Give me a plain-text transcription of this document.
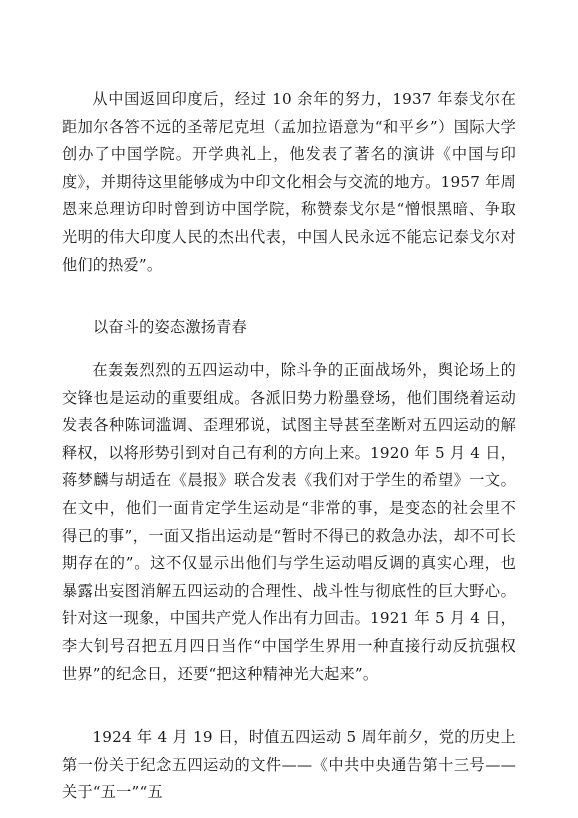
从中国返回印度后，经过 10 余年的努力，1937 年泰戈尔在距加尔各答不远的圣蒂尼克坦（孟加拉语意为“和平乡”）国际大学创办了中国学院。开学典礼上，他发表了著名的演讲《中国与印度》，并期待这里能够成为中印文化相会与交流的地方。1957 年周恩来总理访印时曾到访中国学院，称赞泰戈尔是“憎恨黑暗、争取光明的伟大印度人民的杰出代表，中国人民永远不能忘记泰戈尔对他们的热爱”。

以奋斗的姿态激扬青春

在轰轰烈烈的五四运动中，除斗争的正面战场外，舆论场上的交锋也是运动的重要组成。各派旧势力粉墨登场，他们围绕着运动发表各种陈词滥调、歪理邪说，试图主导甚至垄断对五四运动的解释权，以将形势引到对自己有利的方向上来。1920 年 5 月 4 日，蒋梦麟与胡适在《晨报》联合发表《我们对于学生的希望》一文。在文中，他们一面肯定学生运动是“非常的事，是变态的社会里不得已的事”，一面又指出运动是“暂时不得已的救急办法，却不可长期存在的”。这不仅显示出他们与学生运动唱反调的真实心理，也暴露出妄图消解五四运动的合理性、战斗性与彻底性的巨大野心。针对这一现象，中国共产党人作出有力回击。1921 年 5 月 4 日，李大钊号召把五月四日当作“中国学生界用一种直接行动反抗强权世界”的纪念日，还要“把这种精神光大起来”。

1924 年 4 月 19 日，时值五四运动 5 周年前夕，党的历史上第一份关于纪念五四运动的文件——《中共中央通告第十三号——关于“五一”“五
